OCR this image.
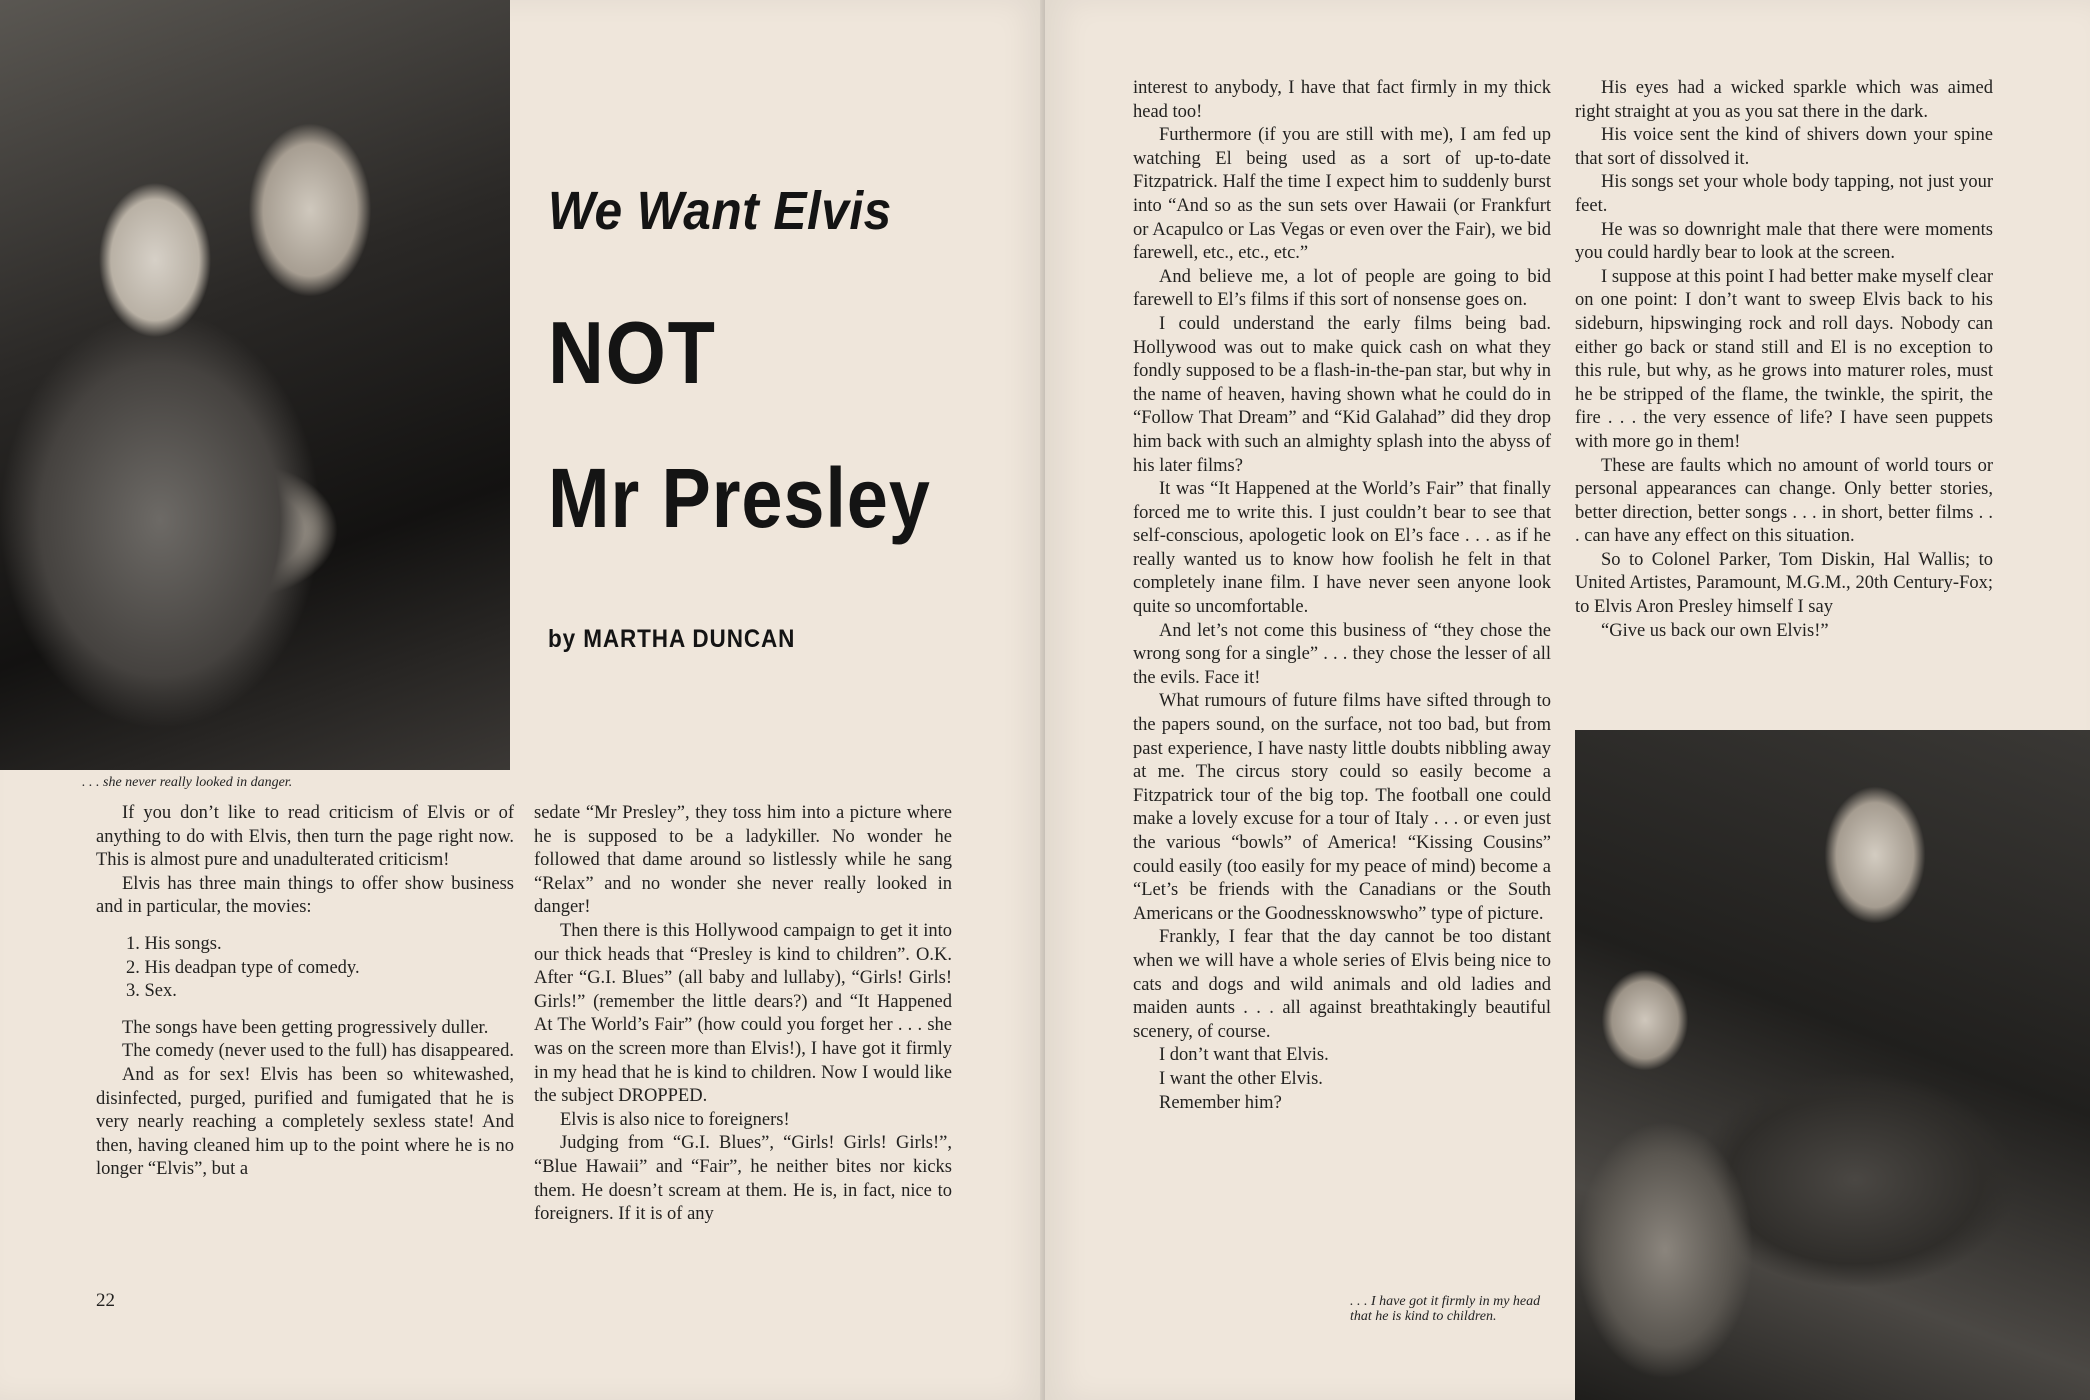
. . . she never really looked in danger.
We Want Elvis
NOT
Mr Presley
by MARTHA DUNCAN

If you don’t like to read criticism of Elvis or of anything to do with Elvis, then turn the page right now. This is almost pure and unadulterated criticism!

Elvis has three main things to offer show business and in particular, the movies:

1. His songs.

2. His deadpan type of comedy.

3. Sex.

The songs have been getting progressively duller.

The comedy (never used to the full) has disappeared.

And as for sex! Elvis has been so whitewashed, disinfected, purged, purified and fumigated that he is very nearly reaching a completely sexless state! And then, having cleaned him up to the point where he is no longer “Elvis”, but a

sedate “Mr Presley”, they toss him into a picture where he is supposed to be a ladykiller. No wonder he followed that dame around so listlessly while he sang “Relax” and no wonder she never really looked in danger!

Then there is this Hollywood campaign to get it into our thick heads that “Presley is kind to children”. O.K. After “G.I. Blues” (all baby and lullaby), “Girls! Girls! Girls!” (remember the little dears?) and “It Happened At The World’s Fair” (how could you forget her . . . she was on the screen more than Elvis!), I have got it firmly in my head that he is kind to children. Now I would like the subject DROPPED.

Elvis is also nice to foreigners!

Judging from “G.I. Blues”, “Girls! Girls! Girls!”, “Blue Hawaii” and “Fair”, he neither bites nor kicks them. He doesn’t scream at them. He is, in fact, nice to foreigners. If it is of any

22

interest to anybody, I have that fact firmly in my thick head too!

Furthermore (if you are still with me), I am fed up watching El being used as a sort of up-to-date Fitzpatrick. Half the time I expect him to suddenly burst into “And so as the sun sets over Hawaii (or Frankfurt or Acapulco or Las Vegas or even over the Fair), we bid farewell, etc., etc., etc.”

And believe me, a lot of people are going to bid farewell to El’s films if this sort of nonsense goes on.

I could understand the early films being bad. Hollywood was out to make quick cash on what they fondly supposed to be a flash-in-the-pan star, but why in the name of heaven, having shown what he could do in “Follow That Dream” and “Kid Galahad” did they drop him back with such an almighty splash into the abyss of his later films?

It was “It Happened at the World’s Fair” that finally forced me to write this. I just couldn’t bear to see that self-conscious, apologetic look on El’s face . . . as if he really wanted us to know how foolish he felt in that completely inane film. I have never seen anyone look quite so uncomfortable.

And let’s not come this business of “they chose the wrong song for a single” . . . they chose the lesser of all the evils. Face it!

What rumours of future films have sifted through to the papers sound, on the surface, not too bad, but from past experience, I have nasty little doubts nibbling away at me. The circus story could so easily become a Fitzpatrick tour of the big top. The football one could make a lovely excuse for a tour of Italy . . . or even just the various “bowls” of America! “Kissing Cousins” could easily (too easily for my peace of mind) become a “Let’s be friends with the Canadians or the South Americans or the Goodnessknowswho” type of picture.

Frankly, I fear that the day cannot be too distant when we will have a whole series of Elvis being nice to cats and dogs and wild animals and old ladies and maiden aunts . . . all against breathtakingly beautiful scenery, of course.

I don’t want that Elvis.

I want the other Elvis.

Remember him?

His eyes had a wicked sparkle which was aimed right straight at you as you sat there in the dark.

His voice sent the kind of shivers down your spine that sort of dissolved it.

His songs set your whole body tapping, not just your feet.

He was so downright male that there were moments you could hardly bear to look at the screen.

I suppose at this point I had better make myself clear on one point: I don’t want to sweep Elvis back to his sideburn, hipswinging rock and roll days. Nobody can either go back or stand still and El is no exception to this rule, but why, as he grows into maturer roles, must he be stripped of the flame, the twinkle, the spirit, the fire . . . the very essence of life? I have seen puppets with more go in them!

These are faults which no amount of world tours or personal appearances can change. Only better stories, better direction, better songs . . . in short, better films . . . can have any effect on this situation.

So to Colonel Parker, Tom Diskin, Hal Wallis; to United Artistes, Paramount, M.G.M., 20th Century-Fox; to Elvis Aron Presley himself I say

“Give us back our own Elvis!”

. . . I have got it firmly in my head that he is kind to children.
